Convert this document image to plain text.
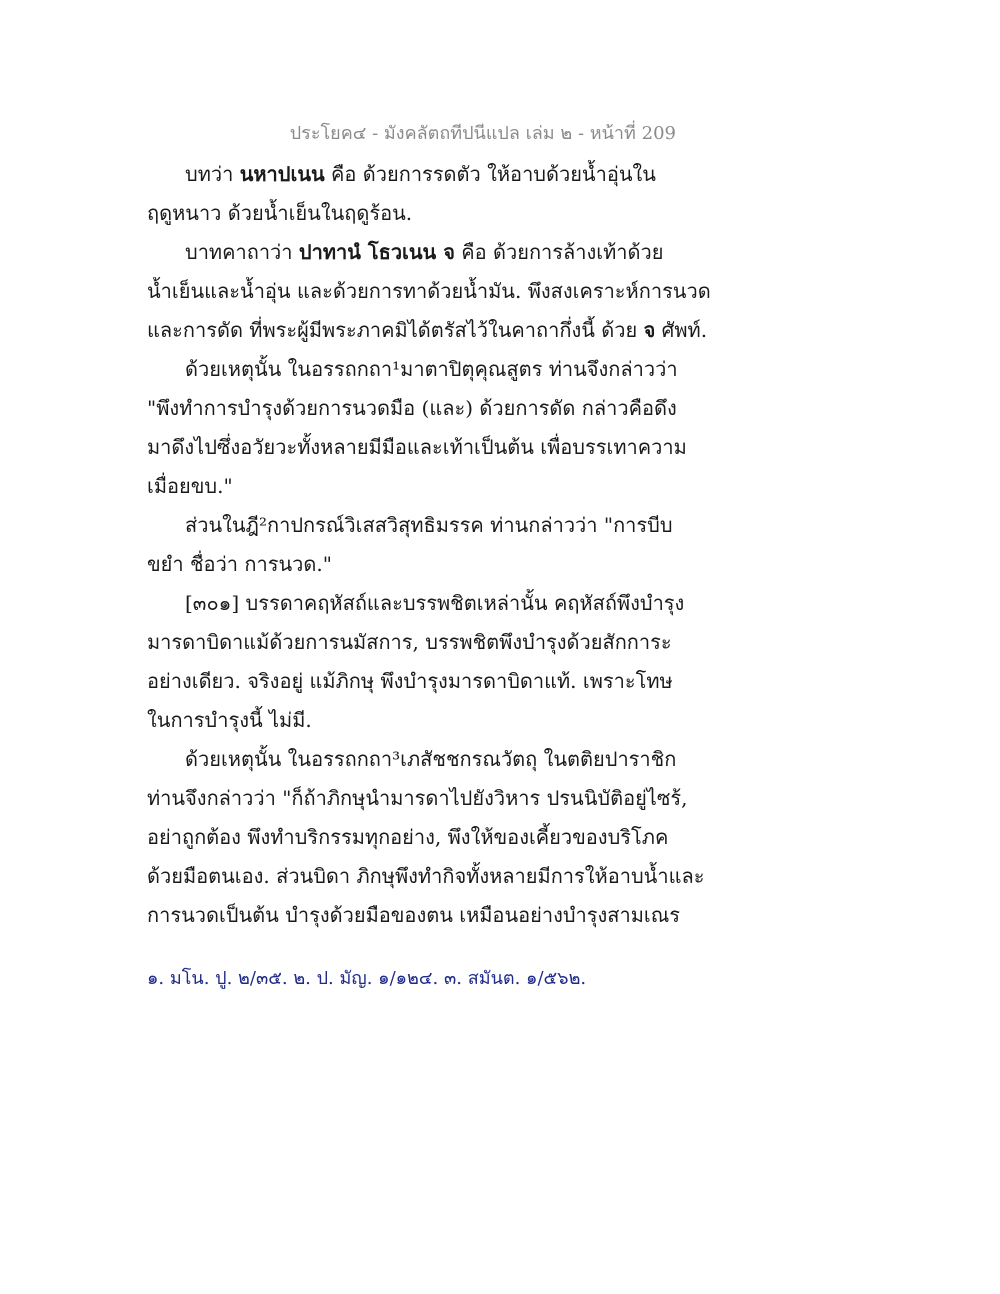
ประโยค๔ - มังคลัตถทีปนีแปล เล่ม ๒ - หน้าที่ 209
บทว่า นหาปเนน คือ ด้วยการรดตัว ให้อาบด้วยน้ำอุ่นใน
ฤดูหนาว ด้วยน้ำเย็นในฤดูร้อน.
บาทคาถาว่า ปาทานํ โธวเนน จ คือ ด้วยการล้างเท้าด้วย
น้ำเย็นและน้ำอุ่น และด้วยการทาด้วยน้ำมัน. พึงสงเคราะห์การนวด
และการดัด ที่พระผู้มีพระภาคมิได้ตรัสไว้ในคาถากึ่งนี้ ด้วย จ ศัพท์.
ด้วยเหตุนั้น ในอรรถกถา¹มาตาปิตุคุณสูตร ท่านจึงกล่าวว่า
"พึงทำการบำรุงด้วยการนวดมือ (และ) ด้วยการดัด กล่าวคือดึง
มาดึงไปซึ่งอวัยวะทั้งหลายมีมือและเท้าเป็นต้น เพื่อบรรเทาความ
เมื่อยขบ."
ส่วนในฎี²กาปกรณ์วิเสสวิสุทธิมรรค ท่านกล่าวว่า "การบีบ
ขยำ ชื่อว่า การนวด."
[๓๐๑] บรรดาคฤหัสถ์และบรรพชิตเหล่านั้น คฤหัสถ์พึงบำรุง
มารดาบิดาแม้ด้วยการนมัสการ, บรรพชิตพึงบำรุงด้วยสักการะ
อย่างเดียว. จริงอยู่ แม้ภิกษุ พึงบำรุงมารดาบิดาแท้. เพราะโทษ
ในการบำรุงนี้ ไม่มี.
ด้วยเหตุนั้น ในอรรถกถา³เภสัชชกรณวัตถุ ในตติยปาราชิก
ท่านจึงกล่าวว่า "ก็ถ้าภิกษุนำมารดาไปยังวิหาร ปรนนิบัติอยู่ไซร้,
อย่าถูกต้อง พึงทำบริกรรมทุกอย่าง, พึงให้ของเคี้ยวของบริโภค
ด้วยมือตนเอง. ส่วนบิดา ภิกษุพึงทำกิจทั้งหลายมีการให้อาบน้ำและ
การนวดเป็นต้น บำรุงด้วยมือของตน เหมือนอย่างบำรุงสามเณร
๑. มโน. ปู. ๒/๓๕. ๒. ป. มัญ. ๑/๑๒๔. ๓. สมันต. ๑/๕๖๒.
